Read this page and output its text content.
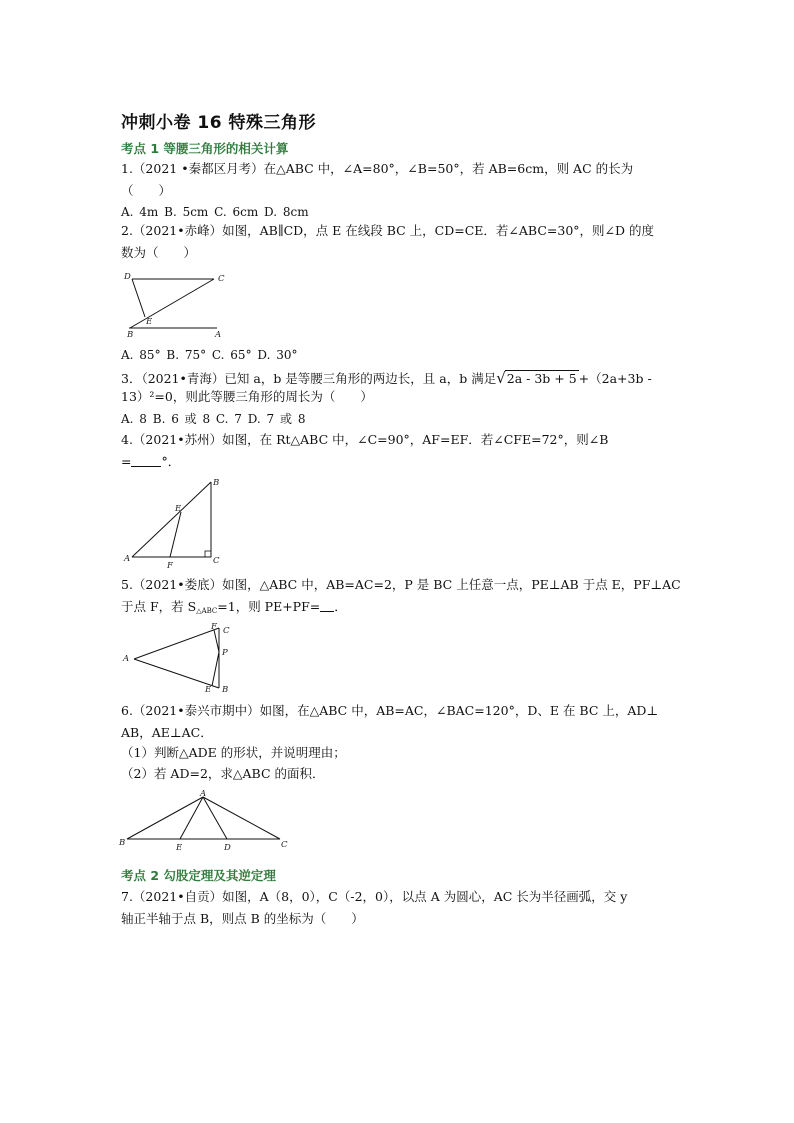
冲刺小卷 16 特殊三角形
考点 1 等腰三角形的相关计算
1.（2021 •秦都区月考）在△ABC 中，∠A=80°，∠B=50°，若 AB=6cm，则 AC 的长为
（　　）
A. 4m B. 5cm C. 6cm D. 8cm
2.（2021•赤峰）如图，AB∥CD，点 E 在线段 BC 上，CD=CE．若∠ABC=30°，则∠D 的度
数为（　　）
D	C
E
B	A
A. 85° B. 75° C. 65° D. 30°
3．（2021•青海）已知 a，b 是等腰三角形的两边长，且 a，b 满足√2a - 3b + 5 +（2a+3b -
13）²=0，则此等腰三角形的周长为（　　）
A. 8 B. 6 或 8 C. 7 D. 7 或 8
4.（2021•苏州）如图，在 Rt△ABC 中，∠C=90°，AF=EF．若∠CFE=72°，则∠B
= °．
B
E
A
F	C
5.（2021•娄底）如图，△ABC 中，AB=AC=2，P 是 BC 上任意一点，PE⊥AB 于点 E，PF⊥AC
于点 F，若 $S_{\triangle ABC}=1$，则 PE+PF= ．
F C
A
P
E B
6.（2021•泰兴市期中）如图，在△ABC 中，AB=AC，∠BAC=120°，D、E 在 BC 上，AD⊥
AB，AE⊥AC．
（1）判断△ADE 的形状，并说明理由；
（2）若 AD=2，求△ABC 的面积．
A
B	E	D	C
考点 2 勾股定理及其逆定理
7.（2021•自贡）如图，A（8，0），C（-2，0），以点 A 为圆心，AC 长为半径画弧，交 y
轴正半轴于点 B，则点 B 的坐标为（　　）
